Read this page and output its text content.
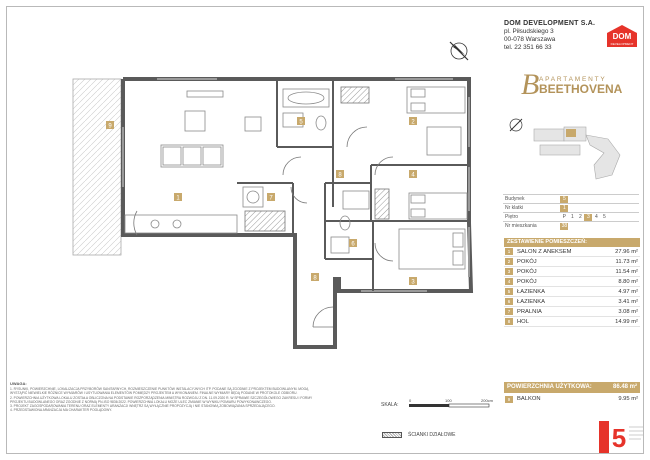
9
1
5
7
2
8	4
6
3
8
DOM DEVELOPMENT S.A.
pl. Piłsudskiego 3
00-078 Warszawa
tel. 22 351 66 33
DOM
DEVELOPMENT
B APARTAMENTY
BEETHOVENA
Budynek	5
Nr klatki	1
Piętro	P 1 2 3 4 5
Nr mieszkania	38
ZESTAWIENIE POMIESZCZEŃ:
1	SALON Z ANEKSEM	27.96 m²
2	POKÓJ	11.73 m²
3	POKÓJ	11.54 m²
4	POKÓJ	8.80 m²
5	ŁAZIENKA	4.97 m²
6	ŁAZIENKA	3.41 m²
7	PRALNIA	3.08 m²
8	HOL	14.99 m²
POWIERZCHNIA UŻYTKOWA:	86.48 m²
9	BALKON	9.95 m²
5
UWAGA:
1. RYSUNKI, POWIERZCHNIE, LOKALIZACJA PRZYBORÓW SANITARNYCH, ROZMIESZCZENIE PUNKTÓW INSTALACYJNYCH ITP. PODANE SĄ ZGODNIE Z PROJEKTEM BUDOWLANYM. MOGĄ
WYSTĄPIĆ NIEWIELKIE RÓŻNICE WYMIARÓW I USYTUOWANIA ELEMENTÓW POMIĘDZY PROJEKTEM A WYKONANIEM. FINALNE WYMIARY BĘDĄ PODANE W PROTOKOLE ODBIORU.
2. POWIERZCHNIA UŻYTKOWA LOKALU ZOSTAŁA OBLICZONA NA PODSTAWIE ROZPORZĄDZENIA MINISTRA ROZWOJU Z DN. 11.09.2020 R. W SPRAWIE SZCZEGÓŁOWEGO ZAKRESU I FORMY
PROJEKTU BUDOWLANEGO ORAZ ZGODNIE Z NORMĄ PN-ISO 9836:2022. POWIERZCHNIA LOKALU MOŻE ULEC ZMIANIE W WYNIKU POMIARU POWYKONAWCZEGO.
3. PROJEKT ZAGOSPODAROWANIA TERENU ORAZ ELEMENTY ARANŻACJI WNĘTRZ SĄ WYŁĄCZNIE PROPOZYCJĄ I NIE STANOWIĄ ZOBOWIĄZANIA SPRZEDAJĄCEGO.
4. PRZEDSTAWIONA ARANŻACJA MA CHARAKTER POGLĄDOWY.
SKALA:
0	100	200cm
ŚCIANKI DZIAŁOWE
